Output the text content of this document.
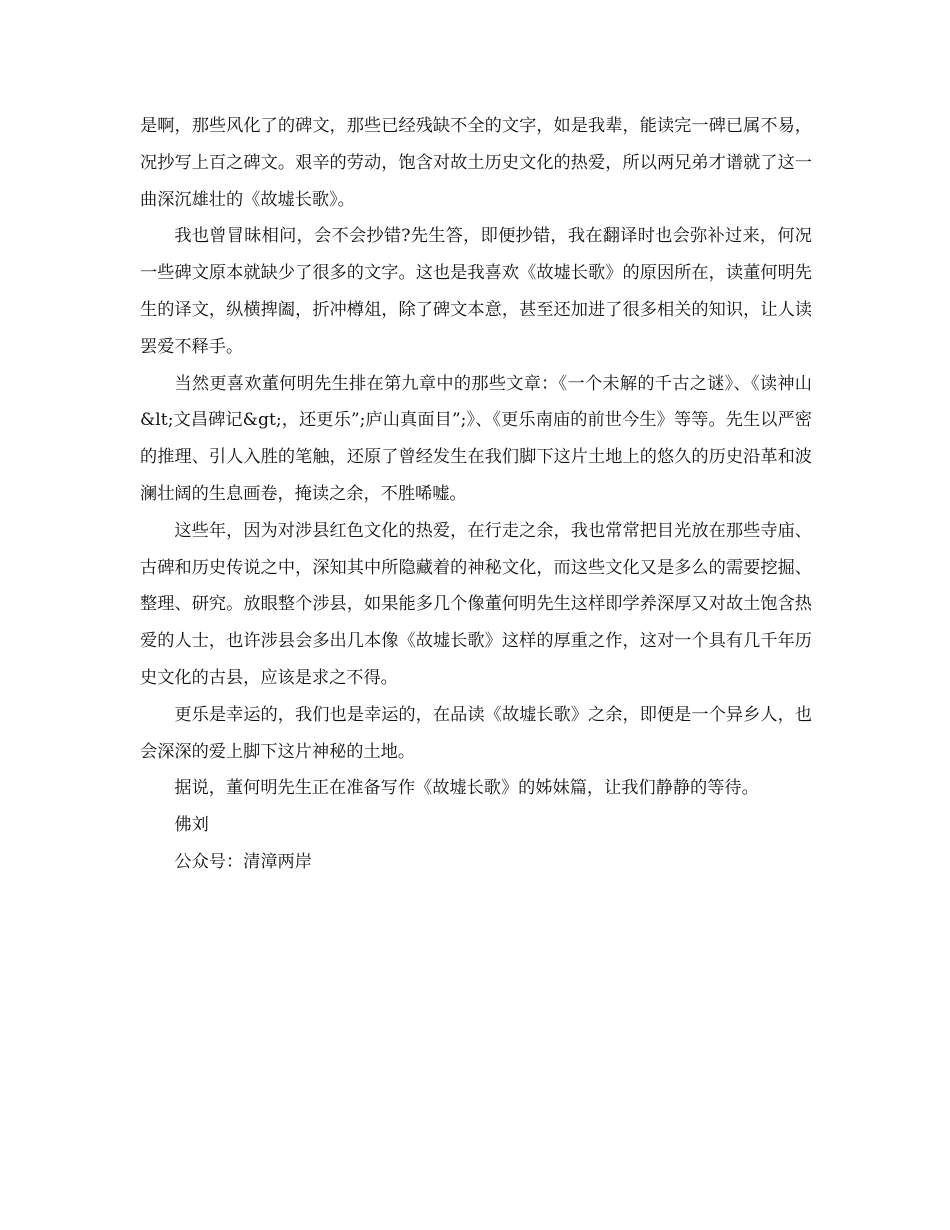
是啊，那些风化了的碑文，那些已经残缺不全的文字，如是我辈，能读完一碑已属不易，况抄写上百之碑文。艰辛的劳动，饱含对故土历史文化的热爱，所以两兄弟才谱就了这一曲深沉雄壮的《故墟长歌》。

我也曾冒昧相问，会不会抄错?先生答，即便抄错，我在翻译时也会弥补过来，何况一些碑文原本就缺少了很多的文字。这也是我喜欢《故墟长歌》的原因所在，读董何明先生的译文，纵横捭阖，折冲樽俎，除了碑文本意，甚至还加进了很多相关的知识，让人读罢爱不释手。

当然更喜欢董何明先生排在第九章中的那些文章：《一个未解的千古之谜》、《读神山&lt;文昌碑记&gt;，还更乐”;庐山真面目”;》、《更乐南庙的前世今生》等等。先生以严密的推理、引人入胜的笔触，还原了曾经发生在我们脚下这片土地上的悠久的历史沿革和波澜壮阔的生息画卷，掩读之余，不胜唏嘘。

这些年，因为对涉县红色文化的热爱，在行走之余，我也常常把目光放在那些寺庙、古碑和历史传说之中，深知其中所隐藏着的神秘文化，而这些文化又是多么的需要挖掘、整理、研究。放眼整个涉县，如果能多几个像董何明先生这样即学养深厚又对故土饱含热爱的人士，也许涉县会多出几本像《故墟长歌》这样的厚重之作，这对一个具有几千年历史文化的古县，应该是求之不得。

更乐是幸运的，我们也是幸运的，在品读《故墟长歌》之余，即便是一个异乡人，也会深深的爱上脚下这片神秘的土地。

据说，董何明先生正在准备写作《故墟长歌》的姊妹篇，让我们静静的等待。

佛刘

公众号：清漳两岸
